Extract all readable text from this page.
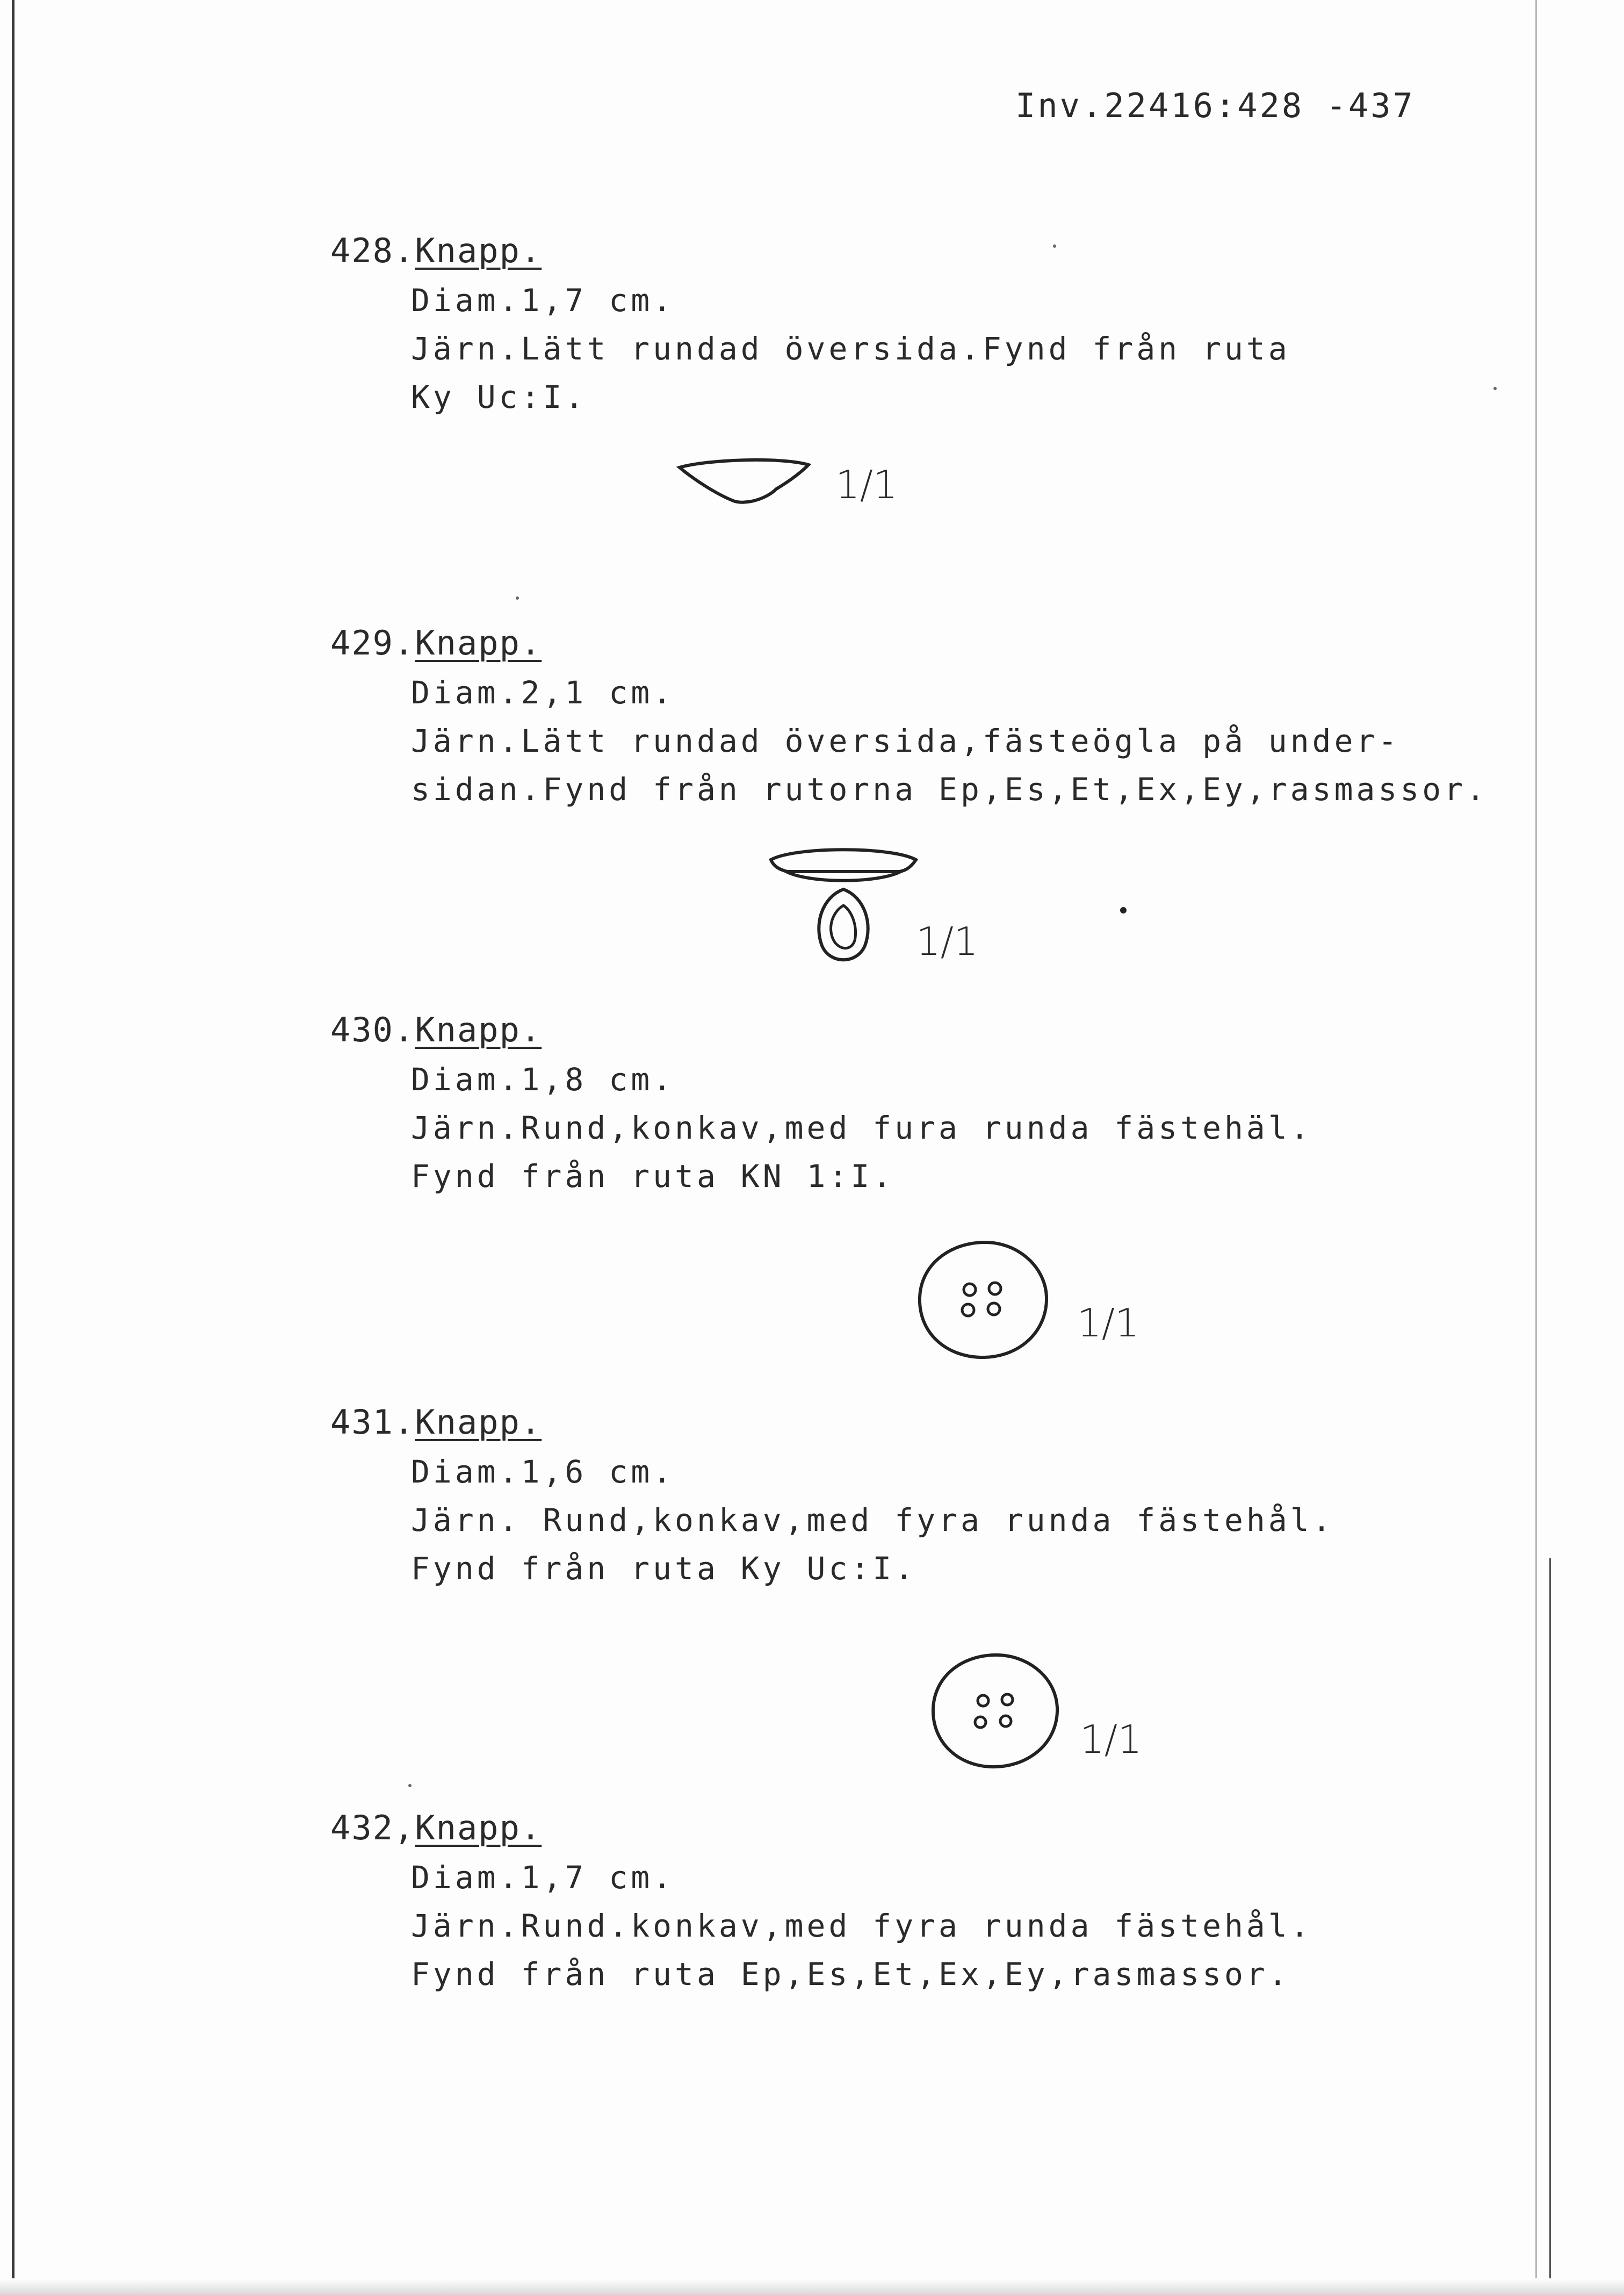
Inv.22416:428 -437
428.Knapp.
Diam.1,7 cm.
Järn.Lätt rundad översida.Fynd från ruta
Ky Uc:I.
1/1
429.Knapp.
Diam.2,1 cm.
Järn.Lätt rundad översida,fästeögla på under-
sidan.Fynd från rutorna Ep,Es,Et,Ex,Ey,rasmassor.
1/1
430.Knapp.
Diam.1,8 cm.
Järn.Rund,konkav,med fura runda fästehäl.
Fynd från ruta KN 1:I.
1/1
431.Knapp.
Diam.1,6 cm.
Järn. Rund,konkav,med fyra runda fästehål.
Fynd från ruta Ky Uc:I.
1/1
432,Knapp.
Diam.1,7 cm.
Järn.Rund.konkav,med fyra runda fästehål.
Fynd från ruta Ep,Es,Et,Ex,Ey,rasmassor.
